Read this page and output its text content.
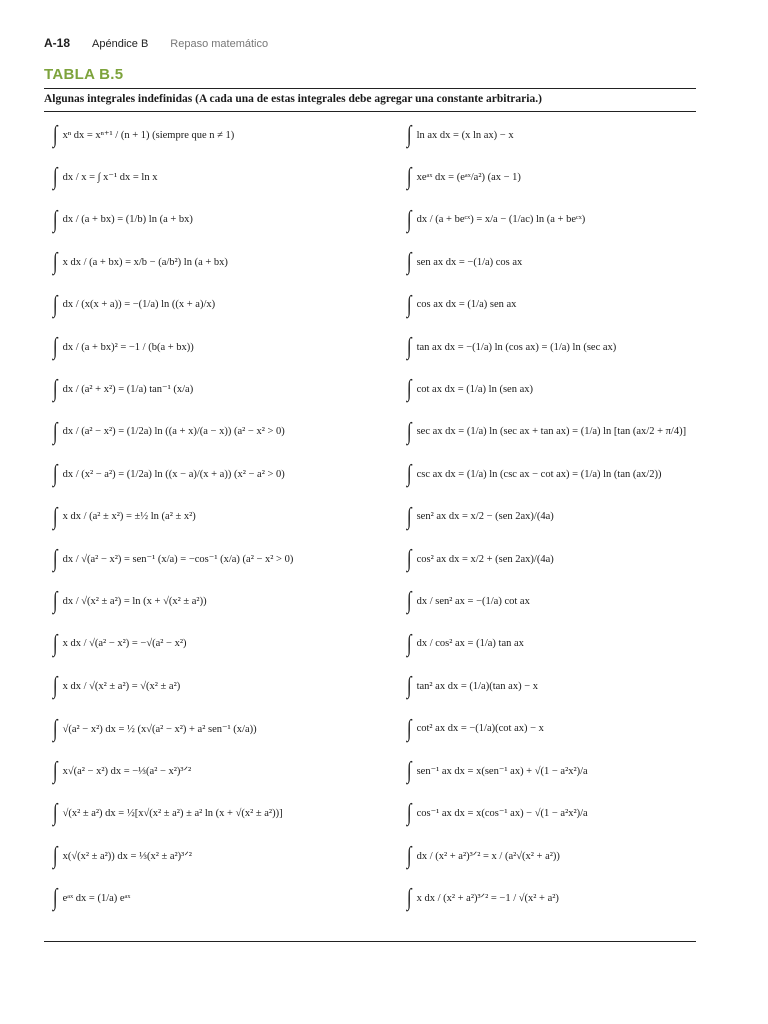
A-18 Apéndice B Repaso matemático
TABLA B.5
Algunas integrales indefinidas (A cada una de estas integrales debe agregar una constante arbitraria.)
∫ xⁿ dx = xⁿ⁺¹ / (n + 1) (siempre que n ≠ 1)
∫ dx / x = ∫ x⁻¹ dx = ln x
∫ dx / (a + bx) = (1/b) ln (a + bx)
∫ x dx / (a + bx) = x/b − (a/b²) ln (a + bx)
∫ dx / (x(x + a)) = −(1/a) ln ((x + a)/x)
∫ dx / (a + bx)² = −1 / (b(a + bx))
∫ dx / (a² + x²) = (1/a) tan⁻¹ (x/a)
∫ dx / (a² − x²) = (1/2a) ln ((a + x)/(a − x)) (a² − x² > 0)
∫ dx / (x² − a²) = (1/2a) ln ((x − a)/(x + a)) (x² − a² > 0)
∫ x dx / (a² ± x²) = ±½ ln (a² ± x²)
∫ dx / √(a² − x²) = sen⁻¹ (x/a) = −cos⁻¹ (x/a) (a² − x² > 0)
∫ dx / √(x² ± a²) = ln (x + √(x² ± a²))
∫ x dx / √(a² − x²) = −√(a² − x²)
∫ x dx / √(x² ± a²) = √(x² ± a²)
∫ √(a² − x²) dx = ½ (x√(a² − x²) + a² sen⁻¹ (x/a))
∫ x√(a² − x²) dx = −⅓(a² − x²)³ᐟ²
∫ √(x² ± a²) dx = ½[x√(x² ± a²) ± a² ln (x + √(x² ± a²))]
∫ x(√(x² ± a²)) dx = ⅓(x² ± a²)³ᐟ²
∫ eᵃˣ dx = (1/a) eᵃˣ
∫ ln ax dx = (x ln ax) − x
∫ xeᵃˣ dx = (eᵃˣ/a²) (ax − 1)
∫ dx / (a + beᶜˣ) = x/a − (1/ac) ln (a + beᶜˣ)
∫ sen ax dx = −(1/a) cos ax
∫ cos ax dx = (1/a) sen ax
∫ tan ax dx = −(1/a) ln (cos ax) = (1/a) ln (sec ax)
∫ cot ax dx = (1/a) ln (sen ax)
∫ sec ax dx = (1/a) ln (sec ax + tan ax) = (1/a) ln [tan (ax/2 + π/4)]
∫ csc ax dx = (1/a) ln (csc ax − cot ax) = (1/a) ln (tan (ax/2))
∫ sen² ax dx = x/2 − (sen 2ax)/(4a)
∫ cos² ax dx = x/2 + (sen 2ax)/(4a)
∫ dx / sen² ax = −(1/a) cot ax
∫ dx / cos² ax = (1/a) tan ax
∫ tan² ax dx = (1/a)(tan ax) − x
∫ cot² ax dx = −(1/a)(cot ax) − x
∫ sen⁻¹ ax dx = x(sen⁻¹ ax) + √(1 − a²x²)/a
∫ cos⁻¹ ax dx = x(cos⁻¹ ax) − √(1 − a²x²)/a
∫ dx / (x² + a²)³ᐟ² = x / (a²√(x² + a²))
∫ x dx / (x² + a²)³ᐟ² = −1 / √(x² + a²)
